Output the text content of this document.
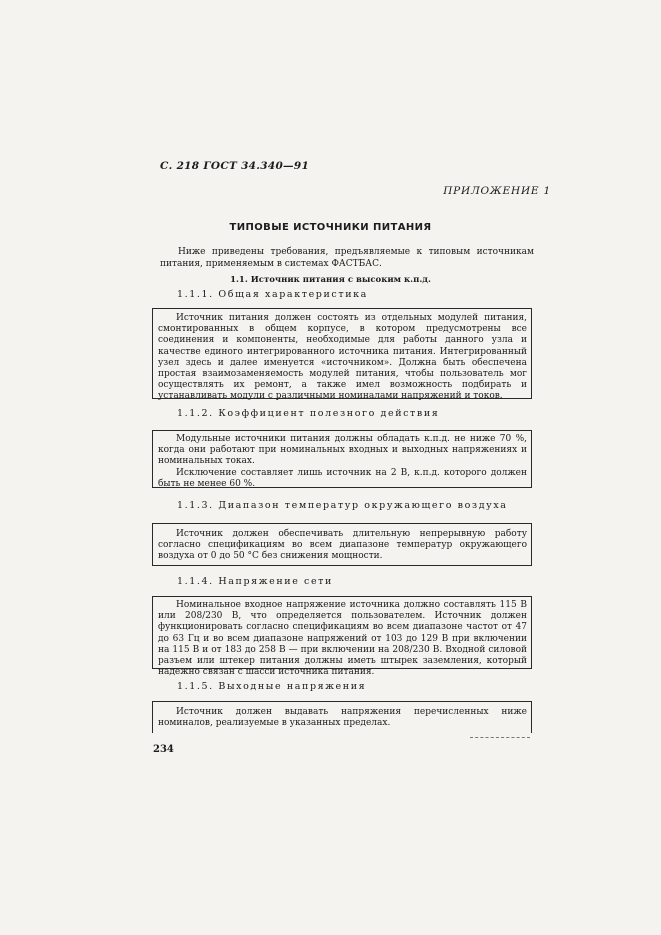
С. 218 ГОСТ 34.340—91
ПРИЛОЖЕНИЕ 1
ТИПОВЫЕ ИСТОЧНИКИ ПИТАНИЯ
Ниже приведены требования, предъявляемые к типовым источникам питания, применяемым в системах ФАСТБАС.
1.1. Источник питания с высоким к.п.д.
1.1.1. Общая характеристика

Источник питания должен состоять из отдельных модулей питания, смонтированных в общем корпусе, в котором предусмотрены все соединения и компоненты, необходимые для работы данного узла и качестве единого интегрированного источника питания. Интегрированный узел здесь и далее именуется «источником». Должна быть обеспечена простая взаимозаменяемость модулей питания, чтобы пользователь мог осуществлять их ремонт, а также имел возможность подбирать и устанавливать модули с различными номиналами напряжений и токов.

1.1.2. Коэффициент полезного действия

Модульные источники питания должны обладать к.п.д. не ниже 70 %, когда они работают при номинальных входных и выходных напряжениях и номинальных токах.

Исключение составляет лишь источник на 2 В, к.п.д. которого должен быть не менее 60 %.

1.1.3. Диапазон температур окружающего воздуха

Источник должен обеспечивать длительную непрерывную работу согласно спецификациям во всем диапазоне температур окружающего воздуха от 0 до 50 °С без снижения мощности.

1.1.4. Напряжение сети

Номинальное входное напряжение источника должно составлять 115 В или 208/230 В, что определяется пользователем. Источник должен функционировать согласно спецификациям во всем диапазоне частот от 47 до 63 Гц и во всем диапазоне напряжений от 103 до 129 В при включении на 115 В и от 183 до 258 В — при включении на 208/230 В. Входной силовой разъем или штекер питания должны иметь штырек заземления, который надежно связан с шасси источника питания.

1.1.5. Выходные напряжения

Источник должен выдавать напряжения перечисленных ниже номиналов, реализуемые в указанных пределах.

234
